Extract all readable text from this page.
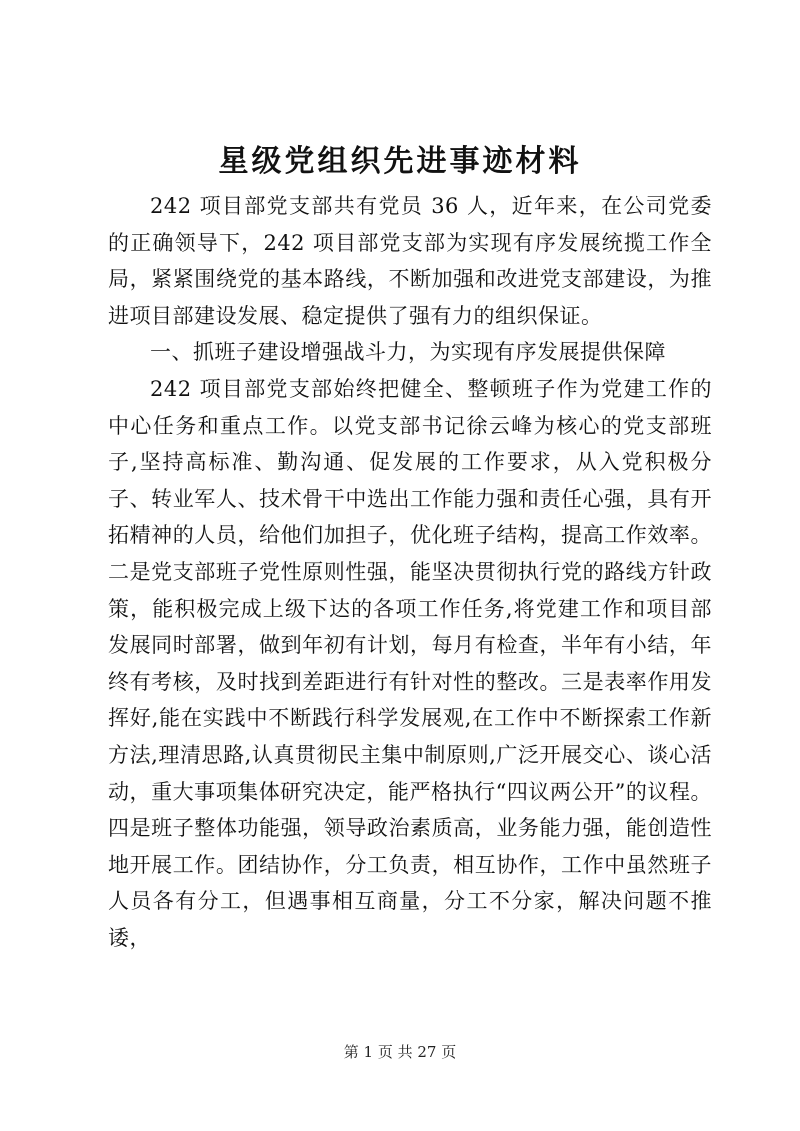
星级党组织先进事迹材料

242 项目部党支部共有党员 36 人，近年来，在公司党委的正确领导下，242 项目部党支部为实现有序发展统揽工作全局，紧紧围绕党的基本路线，不断加强和改进党支部建设，为推进项目部建设发展、稳定提供了强有力的组织保证。

一、抓班子建设增强战斗力，为实现有序发展提供保障

242 项目部党支部始终把健全、整顿班子作为党建工作的中心任务和重点工作。以党支部书记徐云峰为核心的党支部班子,坚持高标准、勤沟通、促发展的工作要求，从入党积极分子、转业军人、技术骨干中选出工作能力强和责任心强，具有开拓精神的人员，给他们加担子，优化班子结构，提高工作效率。二是党支部班子党性原则性强，能坚决贯彻执行党的路线方针政策，能积极完成上级下达的各项工作任务,将党建工作和项目部发展同时部署，做到年初有计划，每月有检查，半年有小结，年终有考核，及时找到差距进行有针对性的整改。三是表率作用发挥好,能在实践中不断践行科学发展观,在工作中不断探索工作新方法,理清思路,认真贯彻民主集中制原则,广泛开展交心、谈心活动，重大事项集体研究决定，能严格执行“四议两公开”的议程。四是班子整体功能强，领导政治素质高，业务能力强，能创造性地开展工作。团结协作，分工负责，相互协作，工作中虽然班子人员各有分工，但遇事相互商量，分工不分家，解决问题不推诿，

第 1 页 共 27 页
